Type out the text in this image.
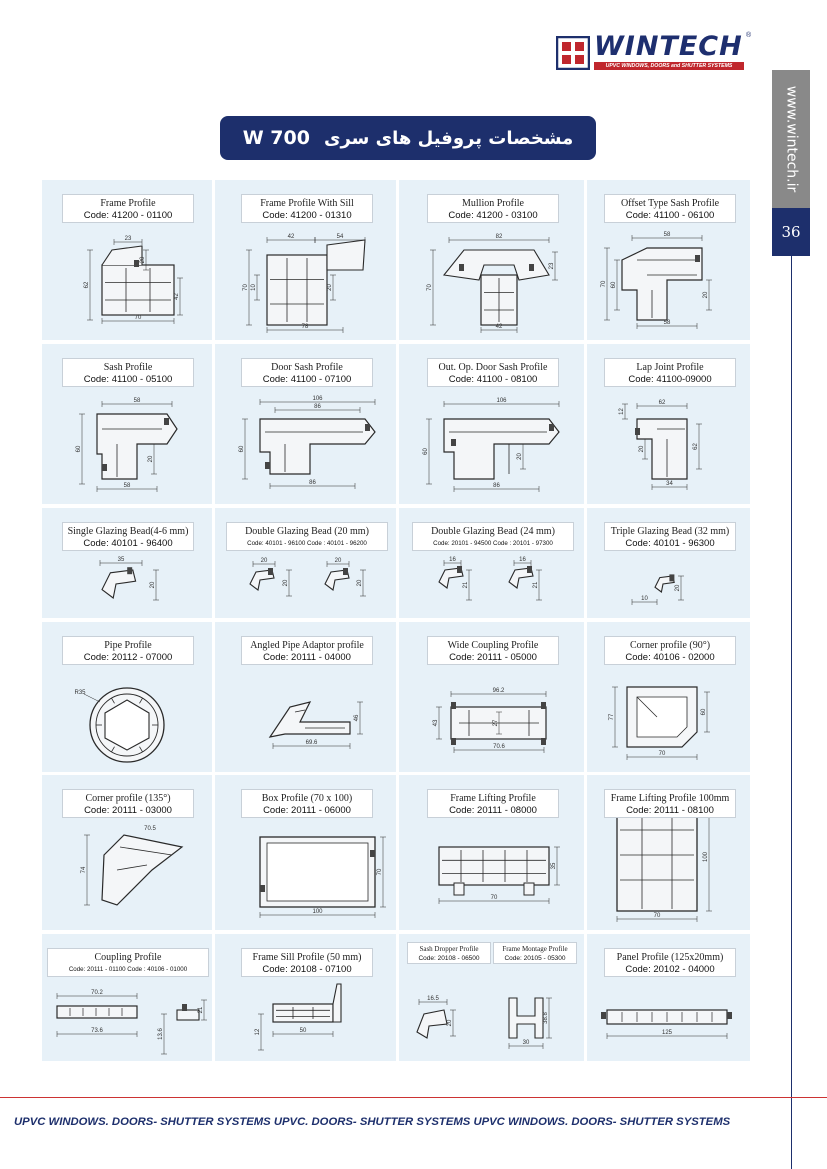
WINTECH ®
UPVC WINDOWS, DOORS and SHUTTER SYSTEMS
www.wintech.ir
36
W 700 مشخصات پروفیل های سری
23
20
62
42
70
Frame Profile
Code: 41200 - 01100
42	54
70 10	20
78
Frame Profile With Sill
Code: 41200 - 01310
82
23
70
42
Mullion Profile
Code: 41200 - 03100
58
70 60
20
58
Offset Type Sash Profile
Code: 41100 - 06100
58
60
20
58
Sash Profile
Code: 41100 - 05100
106
86
60
86
Door Sash Profile
Code: 41100 - 07100
106
60
20
86
Out. Op. Door Sash Profile
Code: 41100 - 08100
62
12
20	62
34
Lap Joint Profile
Code: 41100-09000
35
20
Single Glazing Bead(4-6 mm)
Code: 40101 - 96400
20
20
20
20
Double Glazing Bead (20 mm)
Code: 40101 - 96100 Code : 40101 - 96200
16
21
16
21
Double Glazing Bead (24 mm)
Code: 20101 - 94500 Code : 20101 - 97300
20
10
Triple Glazing Bead (32 mm)
Code: 40101 - 96300
R35
Pipe Profile
Code: 20112 - 07000
46
69.6
Angled Pipe Adaptor profile
Code: 20111 - 04000
96.2
43	27
70.6
Wide Coupling Profile
Code: 20111 - 05000
77
60
70
Corner profile (90°)
Code: 40106 - 02000
70.5
74
Corner profile (135°)
Code: 20111 - 03000
70
100
Box Profile (70 x 100)
Code: 20111 - 06000
35
70
Frame Lifting Profile
Code: 20111 - 08000
100
70
Frame Lifting Profile 100mm
Code: 20111 - 08100
70.2
21
73.6	13.6
Coupling Profile
Code: 20111 - 01100 Code : 40106 - 01000
12	50
Frame Sill Profile (50 mm)
Code: 20108 - 07100
16.5
20	38.8
30
Sash Dropper Profile
Code: 20108 - 06500
Frame Montage Profile
Code: 20105 - 05300
125
Panel Profile (125x20mm)
Code: 20102 - 04000
UPVC WINDOWS. DOORS- SHUTTER SYSTEMS UPVC. DOORS- SHUTTER SYSTEMS UPVC WINDOWS. DOORS- SHUTTER SYSTEMS
